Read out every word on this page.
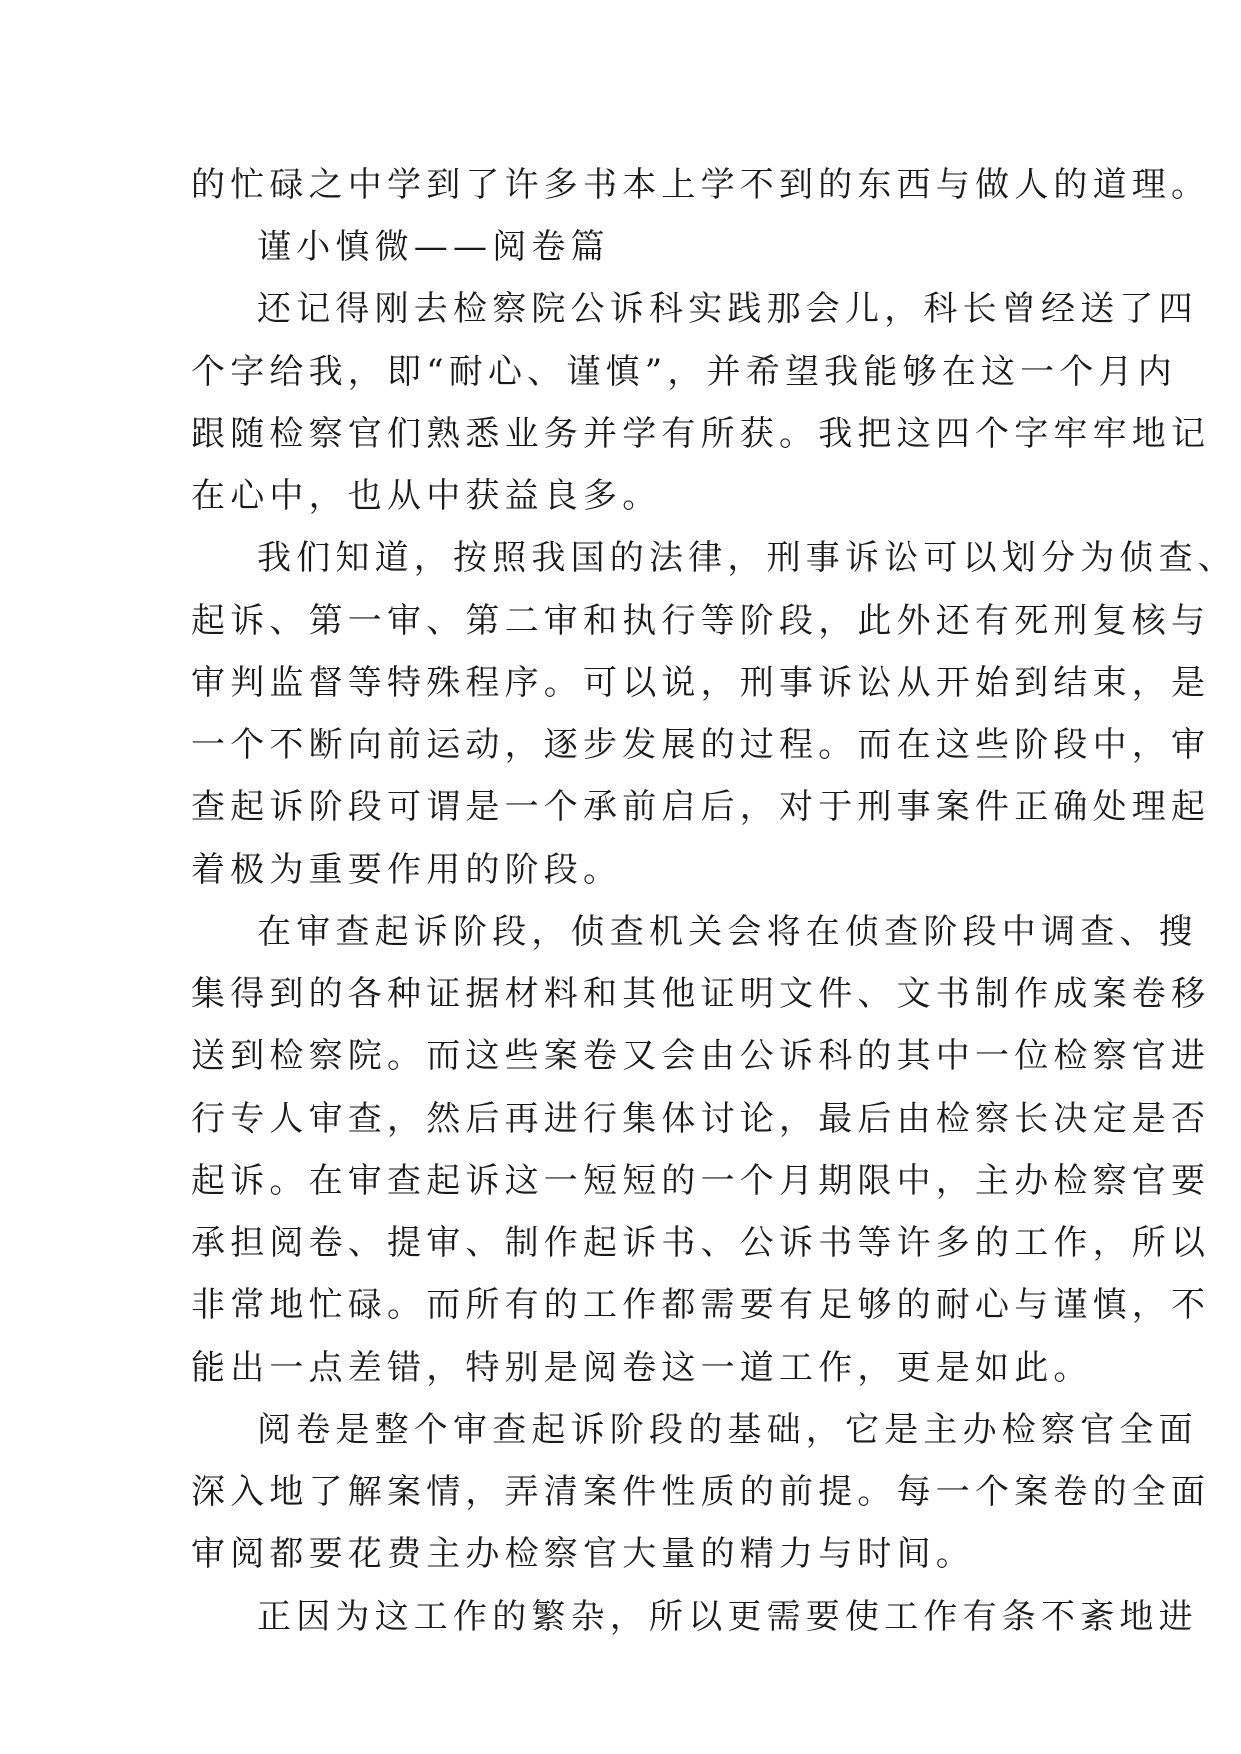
的忙碌之中学到了许多书本上学不到的东西与做人的道理。
谨小慎微——阅卷篇
还记得刚去检察院公诉科实践那会儿，科长曾经送了四
个字给我，即“耐心、谨慎”，并希望我能够在这一个月内
跟随检察官们熟悉业务并学有所获。我把这四个字牢牢地记
在心中，也从中获益良多。
我们知道，按照我国的法律，刑事诉讼可以划分为侦查、
起诉、第一审、第二审和执行等阶段，此外还有死刑复核与
审判监督等特殊程序。可以说，刑事诉讼从开始到结束，是
一个不断向前运动，逐步发展的过程。而在这些阶段中，审
查起诉阶段可谓是一个承前启后，对于刑事案件正确处理起
着极为重要作用的阶段。
在审查起诉阶段，侦查机关会将在侦查阶段中调查、搜
集得到的各种证据材料和其他证明文件、文书制作成案卷移
送到检察院。而这些案卷又会由公诉科的其中一位检察官进
行专人审查，然后再进行集体讨论，最后由检察长决定是否
起诉。在审查起诉这一短短的一个月期限中，主办检察官要
承担阅卷、提审、制作起诉书、公诉书等许多的工作，所以
非常地忙碌。而所有的工作都需要有足够的耐心与谨慎，不
能出一点差错，特别是阅卷这一道工作，更是如此。
阅卷是整个审查起诉阶段的基础，它是主办检察官全面
深入地了解案情，弄清案件性质的前提。每一个案卷的全面
审阅都要花费主办检察官大量的精力与时间。
正因为这工作的繁杂，所以更需要使工作有条不紊地进
